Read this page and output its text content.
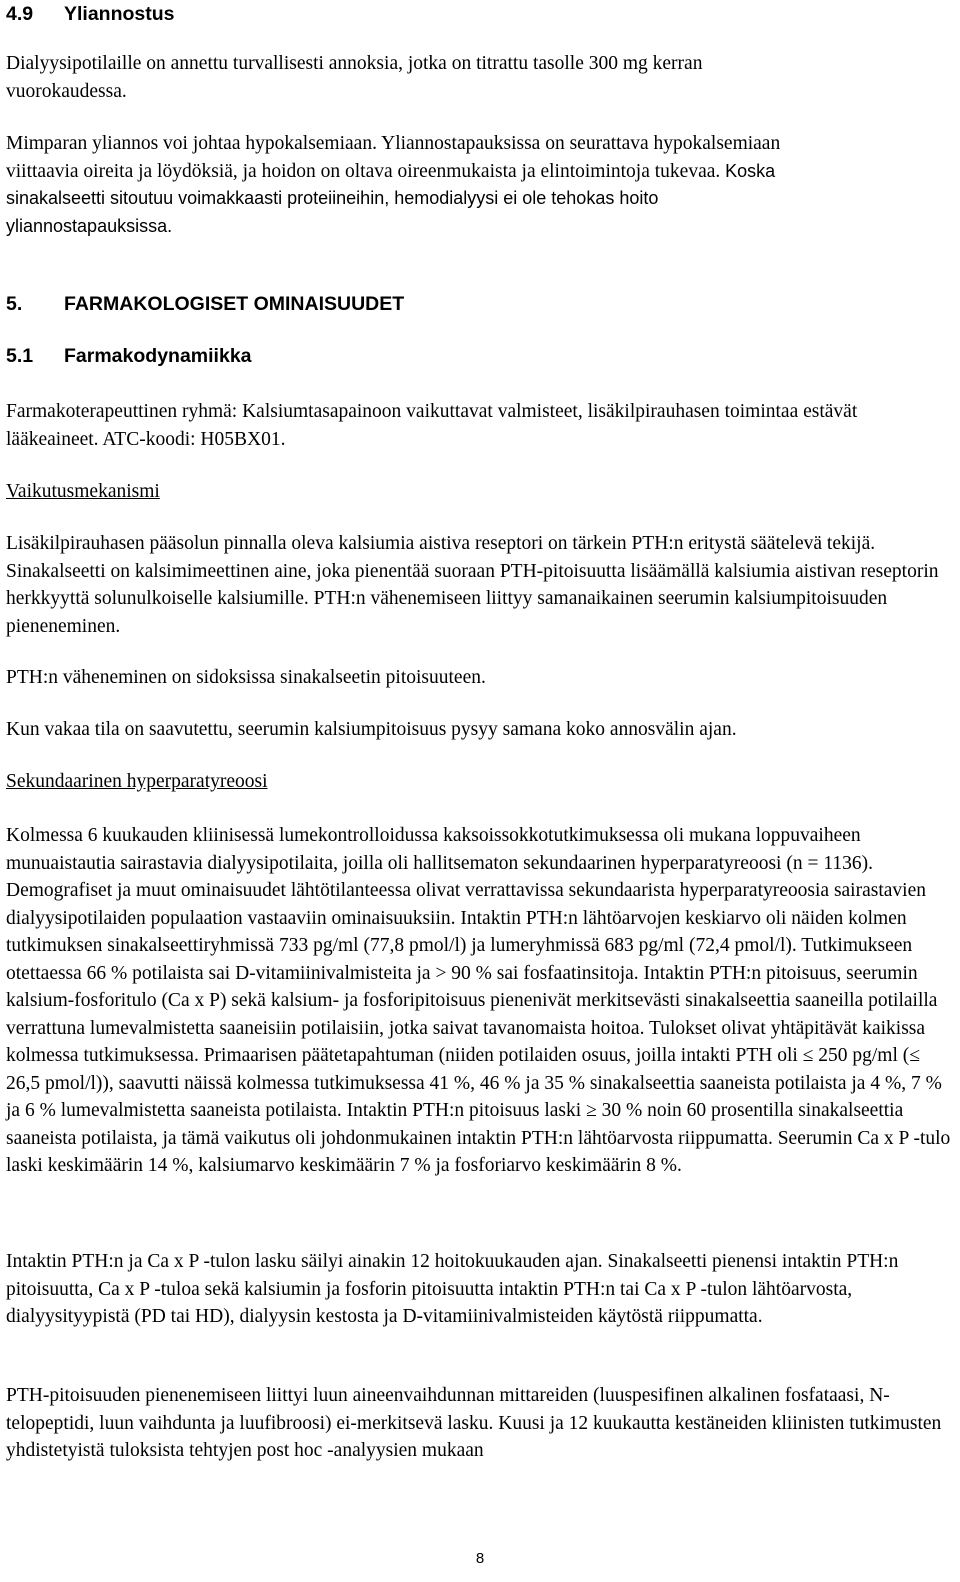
4.9 Yliannostus

Dialyysipotilaille on annettu turvallisesti annoksia, jotka on titrattu tasolle 300 mg kerran vuorokaudessa.

Mimparan yliannos voi johtaa hypokalsemiaan. Yliannostapauksissa on seurattava hypokalsemiaan viittaavia oireita ja löydöksiä, ja hoidon on oltava oireenmukaista ja elintoimintoja tukevaa. Koska sinakalseetti sitoutuu voimakkaasti proteiineihin, hemodialyysi ei ole tehokas hoito yliannostapauksissa.

5. FARMAKOLOGISET OMINAISUUDET
5.1 Farmakodynamiikka

Farmakoterapeuttinen ryhmä: Kalsiumtasapainoon vaikuttavat valmisteet, lisäkilpirauhasen toimintaa estävät lääkeaineet. ATC-koodi: H05BX01.

Vaikutusmekanismi

Lisäkilpirauhasen pääsolun pinnalla oleva kalsiumia aistiva reseptori on tärkein PTH:n eritystä säätelevä tekijä. Sinakalseetti on kalsimimeettinen aine, joka pienentää suoraan PTH-pitoisuutta lisäämällä kalsiumia aistivan reseptorin herkkyyttä solunulkoiselle kalsiumille. PTH:n vähenemiseen liittyy samanaikainen seerumin kalsiumpitoisuuden pieneneminen.

PTH:n väheneminen on sidoksissa sinakalseetin pitoisuuteen.

Kun vakaa tila on saavutettu, seerumin kalsiumpitoisuus pysyy samana koko annosvälin ajan.

Sekundaarinen hyperparatyreoosi

Kolmessa 6 kuukauden kliinisessä lumekontrolloidussa kaksoissokkotutkimuksessa oli mukana loppuvaiheen munuaistautia sairastavia dialyysipotilaita, joilla oli hallitsematon sekundaarinen hyperparatyreoosi (n = 1136). Demografiset ja muut ominaisuudet lähtötilanteessa olivat verrattavissa sekundaarista hyperparatyreoosia sairastavien dialyysipotilaiden populaation vastaaviin ominaisuuksiin. Intaktin PTH:n lähtöarvojen keskiarvo oli näiden kolmen tutkimuksen sinakalseettiryhmissä 733 pg/ml (77,8 pmol/l) ja lumeryhmissä 683 pg/ml (72,4 pmol/l). Tutkimukseen otettaessa 66 % potilaista sai D-vitamiinivalmisteita ja > 90 % sai fosfaatinsitoja. Intaktin PTH:n pitoisuus, seerumin kalsium-fosforitulo (Ca x P) sekä kalsium- ja fosforipitoisuus pienenivät merkitsevästi sinakalseettia saaneilla potilailla verrattuna lumevalmistetta saaneisiin potilaisiin, jotka saivat tavanomaista hoitoa. Tulokset olivat yhtäpitävät kaikissa kolmessa tutkimuksessa. Primaarisen päätetapahtuman (niiden potilaiden osuus, joilla intakti PTH oli ≤ 250 pg/ml (≤ 26,5 pmol/l)), saavutti näissä kolmessa tutkimuksessa 41 %, 46 % ja 35 % sinakalseettia saaneista potilaista ja 4 %, 7 % ja 6 % lumevalmistetta saaneista potilaista. Intaktin PTH:n pitoisuus laski ≥ 30 % noin 60 prosentilla sinakalseettia saaneista potilaista, ja tämä vaikutus oli johdonmukainen intaktin PTH:n lähtöarvosta riippumatta. Seerumin Ca x P -tulo laski keskimäärin 14 %, kalsiumarvo keskimäärin 7 % ja fosforiarvo keskimäärin 8 %.

Intaktin PTH:n ja Ca x P -tulon lasku säilyi ainakin 12 hoitokuukauden ajan. Sinakalseetti pienensi intaktin PTH:n pitoisuutta, Ca x P -tuloa sekä kalsiumin ja fosforin pitoisuutta intaktin PTH:n tai Ca x P -tulon lähtöarvosta, dialyysityypistä (PD tai HD), dialyysin kestosta ja D-vitamiinivalmisteiden käytöstä riippumatta.

PTH-pitoisuuden pienenemiseen liittyi luun aineenvaihdunnan mittareiden (luuspesifinen alkalinen fosfataasi, N-telopeptidi, luun vaihdunta ja luufibroosi) ei-merkitsevä lasku. Kuusi ja 12 kuukautta kestäneiden kliinisten tutkimusten yhdistetyistä tuloksista tehtyjen post hoc -analyysien mukaan

8
